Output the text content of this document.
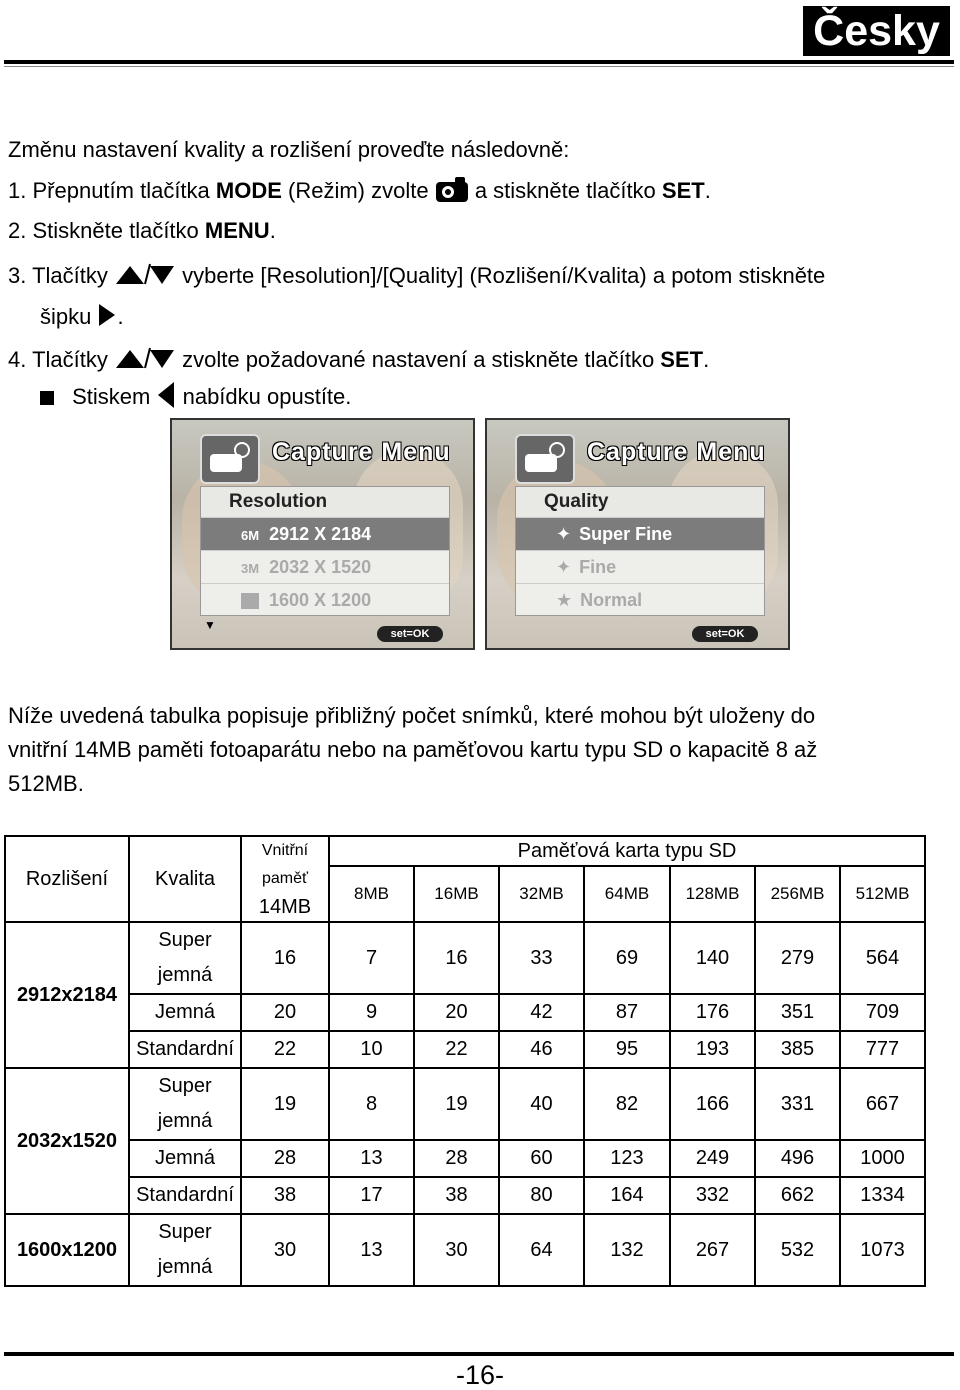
Česky
Změnu nastavení kvality a rozlišení proveďte následovně:
1. Přepnutím tlačítka MODE (Režim) zvolte  a stiskněte tlačítko SET.
2. Stiskněte tlačítko MENU.
3. Tlačítky	vyberte [Resolution]/[Quality] (Rozlišení/Kvalita) a potom stiskněte
šipku .
4. Tlačítky	zvolte požadované nastavení a stiskněte tlačítko SET.
Stiskem  nabídku opustíte.
Capture Menu
Resolution
6M 2912 X 2184
3M 2032 X 1520
1600 X 1200
▼
set=OK
Capture Menu
Quality
✦ Super Fine
✦ Fine
★ Normal
set=OK
Níže uvedená tabulka popisuje přibližný počet snímků, které mohou být uloženy do
vnitřní 14MB paměti fotoaparátu nebo na paměťovou kartu typu SD o kapacitě 8 až
512MB.
Rozlišení	Kvalita	Vnitřní
paměť
14MB	Paměťová karta typu SD						
			8MB	16MB	32MB	64MB	128MB	256MB	512MB
2912x2184	Super
jemná	16	7	16	33	69	140	279	564
	Jemná	20	9	20	42	87	176	351	709
	Standardní	22	10	22	46	95	193	385	777
2032x1520	Super
jemná	19	8	19	40	82	166	331	667
	Jemná	28	13	28	60	123	249	496	1000
	Standardní	38	17	38	80	164	332	662	1334
1600x1200	Super
jemná	30	13	30	64	132	267	532	1073
-16-
